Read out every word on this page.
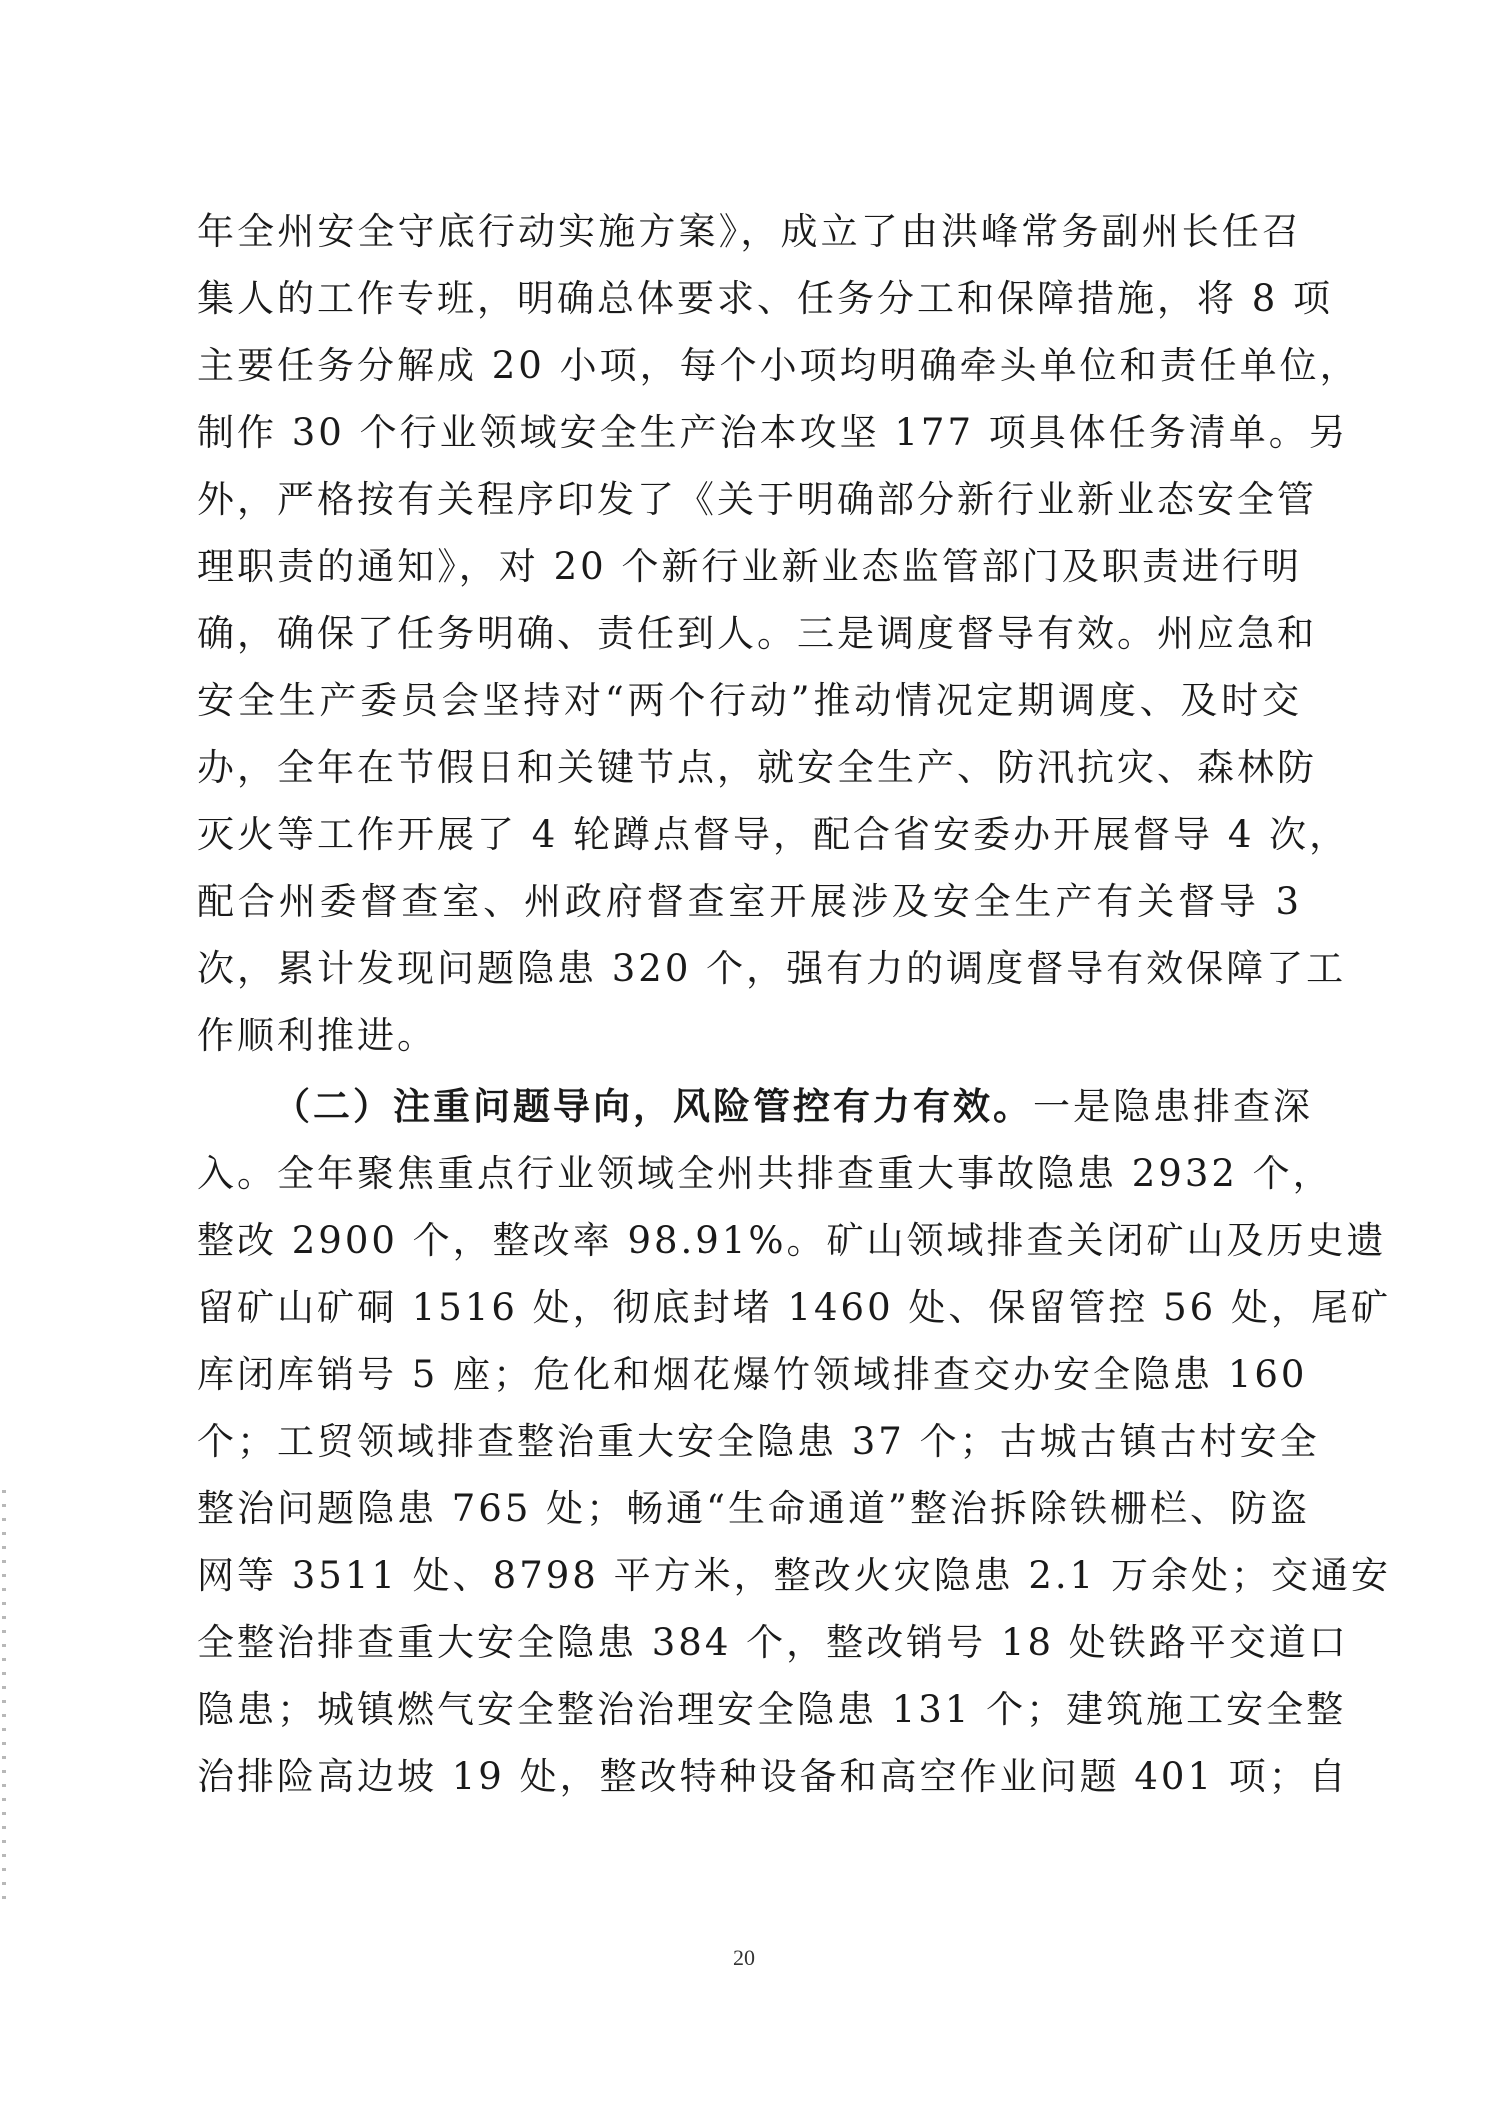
年全州安全守底行动实施方案》，成立了由洪峰常务副州长任召
集人的工作专班，明确总体要求、任务分工和保障措施，将 8 项
主要任务分解成 20 小项，每个小项均明确牵头单位和责任单位，
制作 30 个行业领域安全生产治本攻坚 177 项具体任务清单。另
外，严格按有关程序印发了《关于明确部分新行业新业态安全管
理职责的通知》，对 20 个新行业新业态监管部门及职责进行明
确，确保了任务明确、责任到人。三是调度督导有效。州应急和
安全生产委员会坚持对“两个行动”推动情况定期调度、及时交
办，全年在节假日和关键节点，就安全生产、防汛抗灾、森林防
灭火等工作开展了 4 轮蹲点督导，配合省安委办开展督导 4 次，
配合州委督查室、州政府督查室开展涉及安全生产有关督导 3
次，累计发现问题隐患 320 个，强有力的调度督导有效保障了工
作顺利推进。
（二）注重问题导向，风险管控有力有效。一是隐患排查深
入。全年聚焦重点行业领域全州共排查重大事故隐患 2932 个，
整改 2900 个，整改率 98.91%。矿山领域排查关闭矿山及历史遗
留矿山矿硐 1516 处，彻底封堵 1460 处、保留管控 56 处，尾矿
库闭库销号 5 座；危化和烟花爆竹领域排查交办安全隐患 160
个；工贸领域排查整治重大安全隐患 37 个；古城古镇古村安全
整治问题隐患 765 处；畅通“生命通道”整治拆除铁栅栏、防盗
网等 3511 处、8798 平方米，整改火灾隐患 2.1 万余处；交通安
全整治排查重大安全隐患 384 个，整改销号 18 处铁路平交道口
隐患；城镇燃气安全整治治理安全隐患 131 个；建筑施工安全整
治排险高边坡 19 处，整改特种设备和高空作业问题 401 项；自
20
